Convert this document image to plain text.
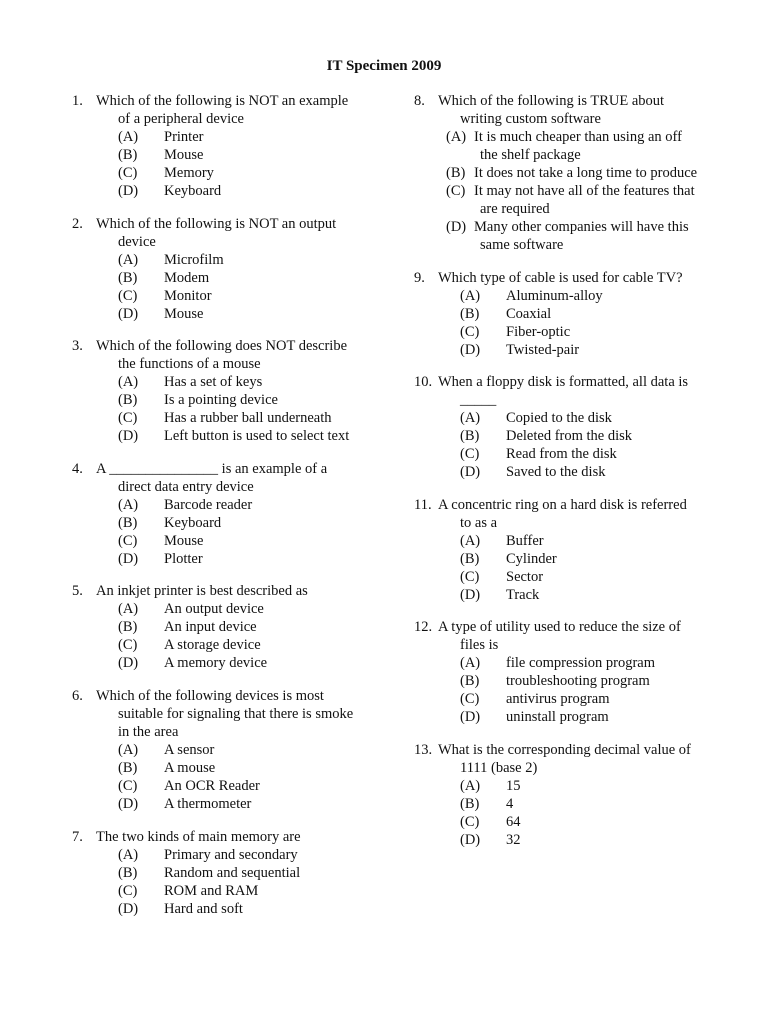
IT Specimen 2009
1. Which of the following is NOT an example
of a peripheral device
(A)	Printer
(B)	Mouse
(C)	Memory
(D)	Keyboard
2. Which of the following is NOT an output
device
(A)	Microfilm
(B)	Modem
(C)	Monitor
(D)	Mouse
3. Which of the following does NOT describe
the functions of a mouse
(A)	Has a set of keys
(B)	Is a pointing device
(C)	Has a rubber ball underneath
(D)	Left button is used to select text
4. A _______________ is an example of a
direct data entry device
(A)	Barcode reader
(B)	Keyboard
(C)	Mouse
(D)	Plotter
5. An inkjet printer is best described as
(A)	An output device
(B)	An input device
(C)	A storage device
(D)	A memory device
6. Which of the following devices is most
suitable for signaling that there is smoke
in the area
(A)	A sensor
(B)	A mouse
(C)	An OCR Reader
(D)	A thermometer
7. The two kinds of main memory are
(A)	Primary and secondary
(B)	Random and sequential
(C)	ROM and RAM
(D)	Hard and soft
8. Which of the following is TRUE about
writing custom software
(A) It is much cheaper than using an off
the shelf package
(B) It does not take a long time to produce
(C) It may not have all of the features that
are required
(D) Many other companies will have this
same software
9. Which type of cable is used for cable TV?
(A)	Aluminum-alloy
(B)	Coaxial
(C)	Fiber-optic
(D)	Twisted-pair
10. When a floppy disk is formatted, all data is
_____
(A)	Copied to the disk
(B)	Deleted from the disk
(C)	Read from the disk
(D)	Saved to the disk
11. A concentric ring on a hard disk is referred
to as a
(A)	Buffer
(B)	Cylinder
(C)	Sector
(D)	Track
12. A type of utility used to reduce the size of
files is
(A)	file compression program
(B)	troubleshooting program
(C)	antivirus program
(D)	uninstall program
13. What is the corresponding decimal value of
1111 (base 2)
(A)	15
(B)	4
(C)	64
(D)	32
